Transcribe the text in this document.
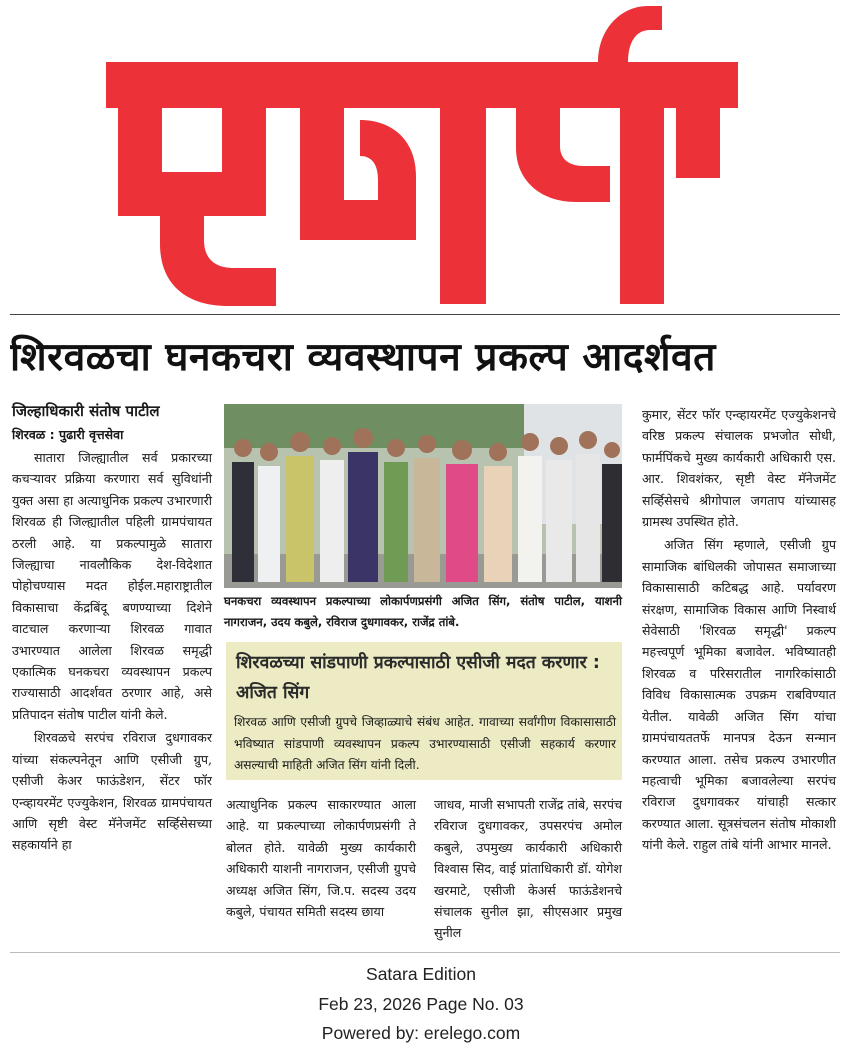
शिरवळचा घनकचरा व्यवस्थापन प्रकल्प आदर्शवत
जिल्हाधिकारी संतोष पाटील
शिरवळ : पुढारी वृत्तसेवा

सातारा जिल्ह्यातील सर्व प्रकारच्या कचऱ्यावर प्रक्रिया करणारा सर्व सुविधांनी युक्त असा हा अत्याधुनिक प्रकल्प उभारणारी शिरवळ ही जिल्ह्यातील पहिली ग्रामपंचायत ठरली आहे. या प्रकल्पामुळे सातारा जिल्ह्याचा नावलौकिक देश-विदेशात पोहोचण्यास मदत होईल.महाराष्ट्रातील विकासाचा केंद्रबिंदू बणण्याच्या दिशेने वाटचाल करणाऱ्या शिरवळ गावात उभारण्यात आलेला शिरवळ समृद्धी एकात्मिक घनकचरा व्यवस्थापन प्रकल्प राज्यासाठी आदर्शवत ठरणार आहे, असे प्रतिपादन संतोष पाटील यांनी केले.

शिरवळचे सरपंच रविराज दुधगावकर यांच्या संकल्पनेतून आणि एसीजी ग्रुप, एसीजी केअर फाऊंडेशन, सेंटर फॉर एन्व्हायरमेंट एज्युकेशन, शिरवळ ग्रामपंचायत आणि सृष्टी वेस्ट मॅनेजमेंट सर्व्हिसेसच्या सहकार्याने हा

घनकचरा व्यवस्थापन प्रकल्पाच्या लोकार्पणप्रसंगी अजित सिंग, संतोष पाटील, याशनी नागराजन, उदय कबुले, रविराज दुधगावकर, राजेंद्र तांबे.
शिरवळच्या सांडपाणी प्रकल्पासाठी एसीजी मदत करणार : अजित सिंग
शिरवळ आणि एसीजी ग्रुपचे जिव्हाळ्याचे संबंध आहेत. गावाच्या सर्वांगीण विकासासाठी भविष्यात सांडपाणी व्यवस्थापन प्रकल्प उभारण्यासाठी एसीजी सहकार्य करणार असल्याची माहिती अजित सिंग यांनी दिली.

अत्याधुनिक प्रकल्प साकारण्यात आला आहे. या प्रकल्पाच्या लोकार्पणप्रसंगी ते बोलत होते. यावेळी मुख्य कार्यकारी अधिकारी याशनी नागराजन, एसीजी ग्रुपचे अध्यक्ष अजित सिंग, जि.प. सदस्य उदय कबुले, पंचायत समिती सदस्य छाया

जाधव, माजी सभापती राजेंद्र तांबे, सरपंच रविराज दुधगावकर, उपसरपंच अमोल कबुले, उपमुख्य कार्यकारी अधिकारी विश्वास सिद, वाई प्रांताधिकारी डॉ. योगेश खरमाटे, एसीजी केअर्स फाऊंडेशनचे संचालक सुनील झा, सीएसआर प्रमुख सुनील

कुमार, सेंटर फॉर एन्व्हायरमेंट एज्युकेशनचे वरिष्ठ प्रकल्प संचालक प्रभजोत सोधी, फार्मपिंकचे मुख्य कार्यकारी अधिकारी एस. आर. शिवशंकर, सृष्टी वेस्ट मॅनेजमेंट सर्व्हिसेसचे श्रीगोपाल जगताप यांच्यासह ग्रामस्थ उपस्थित होते.

अजित सिंग म्हणाले, एसीजी ग्रुप सामाजिक बांधिलकी जोपासत समाजाच्या विकासासाठी कटिबद्ध आहे. पर्यावरण संरक्षण, सामाजिक विकास आणि निस्वार्थ सेवेसाठी 'शिरवळ समृद्धी' प्रकल्प महत्त्वपूर्ण भूमिका बजावेल. भविष्यातही शिरवळ व परिसरातील नागरिकांसाठी विविध विकासात्मक उपक्रम राबविण्यात येतील. यावेळी अजित सिंग यांचा ग्रामपंचायततर्फे मानपत्र देऊन सन्मान करण्यात आला. तसेच प्रकल्प उभारणीत महत्वाची भूमिका बजावलेल्या सरपंच रविराज दुधगावकर यांचाही सत्कार करण्यात आला. सूत्रसंचलन संतोष मोकाशी यांनी केले. राहुल तांबे यांनी आभार मानले.

Satara Edition
Feb 23, 2026 Page No. 03
Powered by: erelego.com
